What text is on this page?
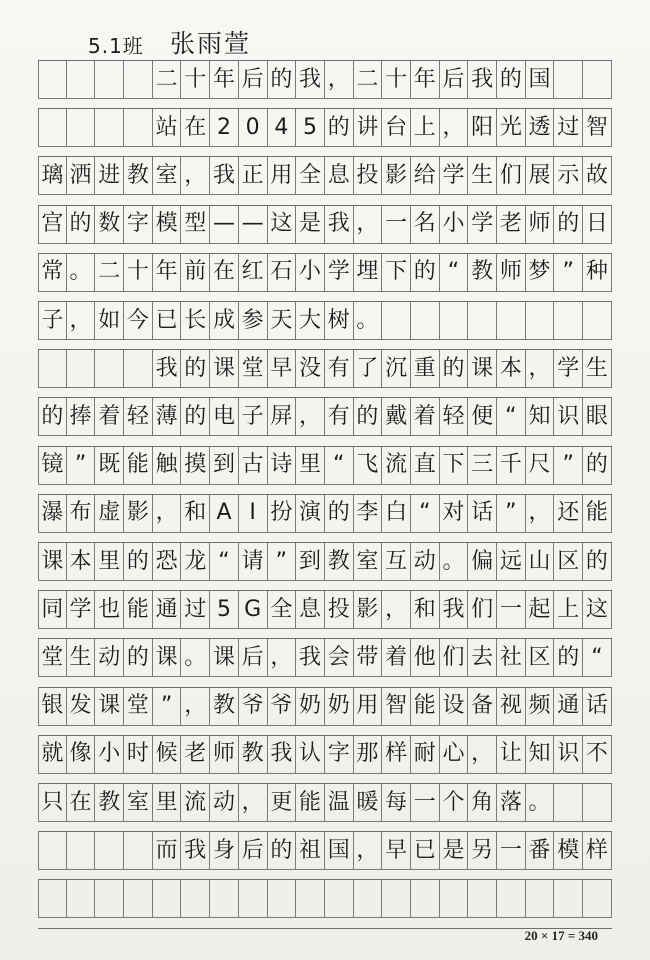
5.1班 张雨萱
二 十 年 后 的 我 ， 二 十 年 后 我 的 国
站 在 2 0 4 5 的 讲 台 上 ， 阳 光 透 过 智
璃 洒 进 教 室 ， 我 正 用 全 息 投 影 给 学 生 们 展 示 故
宫 的 数 字 模 型 — — 这 是 我 ， 一 名 小 学 老 师 的 日
常 。 二 十 年 前 在 红 石 小 学 埋 下 的 “ 教 师 梦 ” 种
子 ， 如 今 已 长 成 参 天 大 树 。
我 的 课 堂 早 没 有 了 沉 重 的 课 本 ， 学 生
的 捧 着 轻 薄 的 电 子 屏 ， 有 的 戴 着 轻 便 “ 知 识 眼
镜 ” 既 能 触 摸 到 古 诗 里 “ 飞 流 直 下 三 千 尺 ” 的
瀑 布 虚 影 ， 和 A I 扮 演 的 李 白 “ 对 话 ” ， 还 能
课 本 里 的 恐 龙 “ 请 ” 到 教 室 互 动 。 偏 远 山 区 的
同 学 也 能 通 过 5 G 全 息 投 影 ， 和 我 们 一 起 上 这
堂 生 动 的 课 。 课 后 ， 我 会 带 着 他 们 去 社 区 的 “
银 发 课 堂 ” ， 教 爷 爷 奶 奶 用 智 能 设 备 视 频 通 话
就 像 小 时 候 老 师 教 我 认 字 那 样 耐 心 ， 让 知 识 不
只 在 教 室 里 流 动 ， 更 能 温 暖 每 一 个 角 落 。
而 我 身 后 的 祖 国 ， 早 已 是 另 一 番 模 样
20 × 17 = 340
